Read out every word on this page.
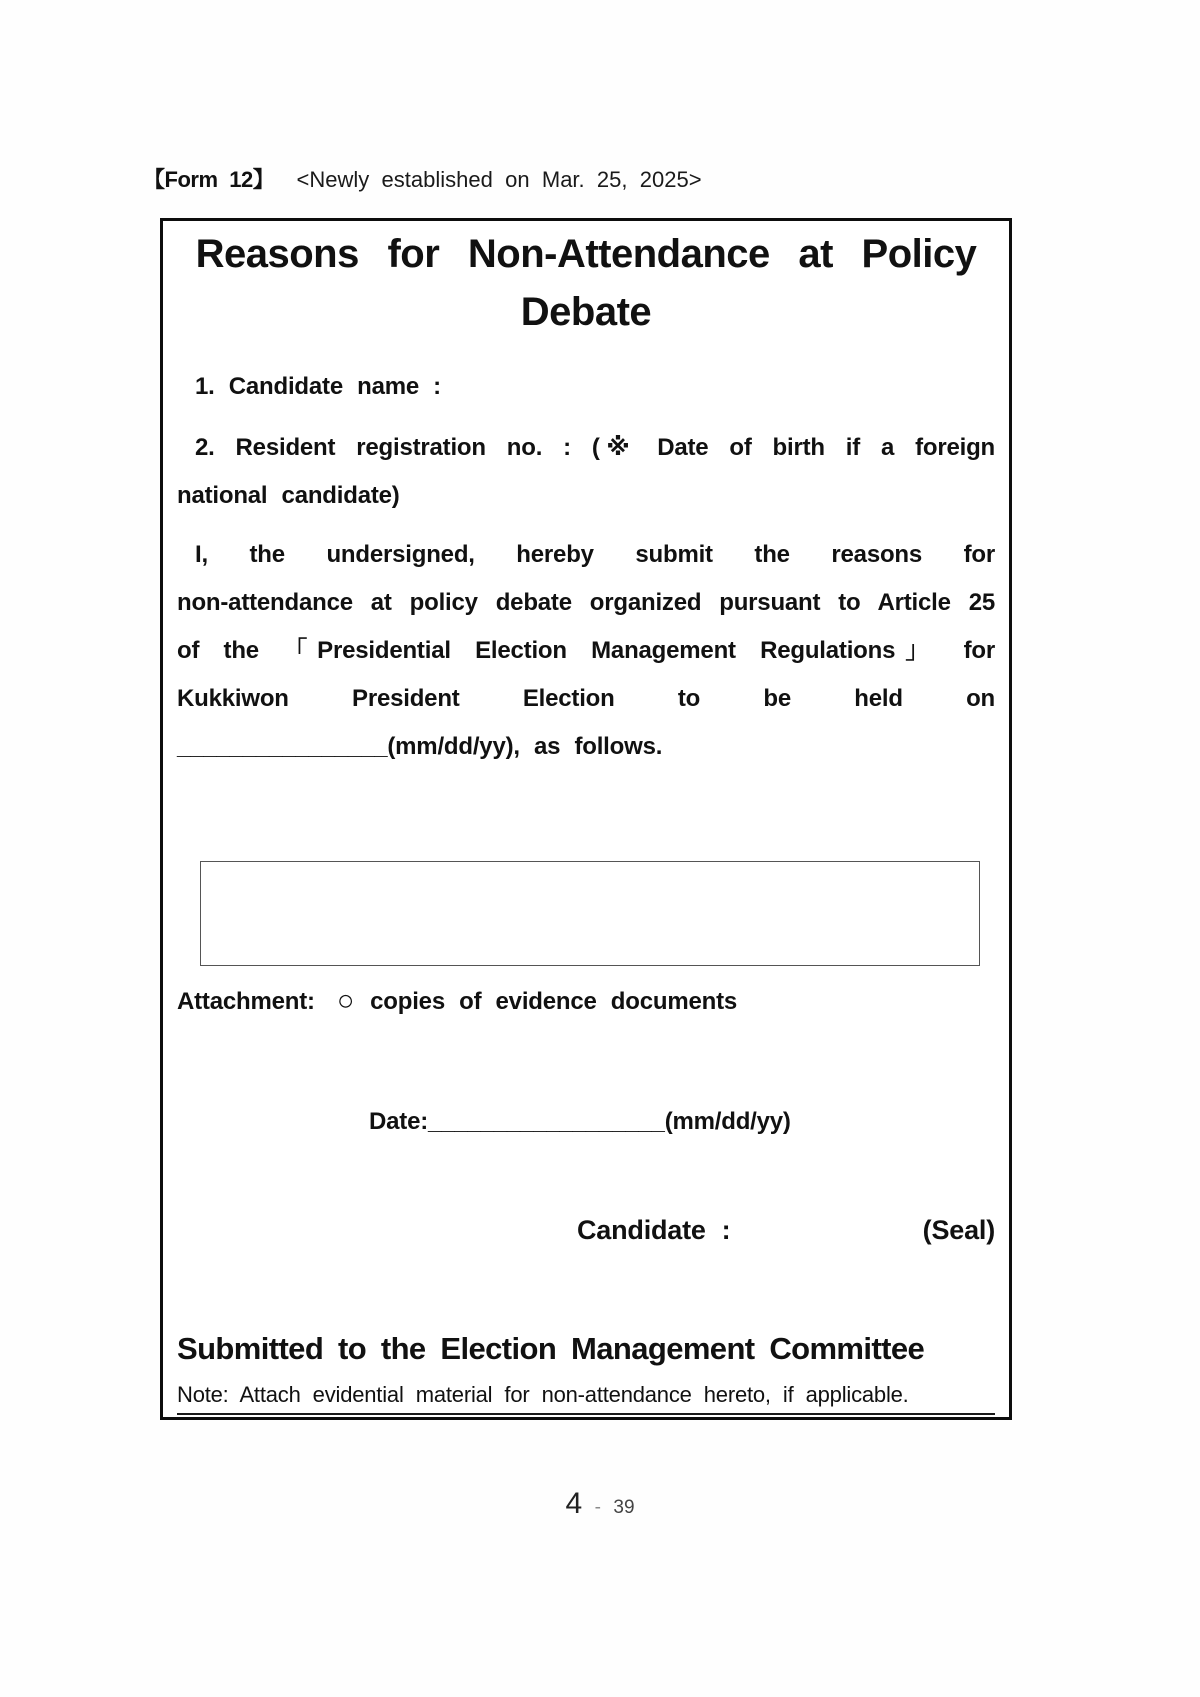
【Form 12】 <Newly established on Mar. 25, 2025>
Reasons for Non-Attendance at Policy
Debate
1. Candidate name :
2. Resident registration no. : (※ Date of birth if a foreign
national candidate)
I, the undersigned, hereby submit the reasons for
non-attendance at policy debate organized pursuant to Article 25
of the 「Presidential Election Management Regulations」 for
Kukkiwon President Election to be held on
________________(mm/dd/yy), as follows.
Attachment: ○ copies of evidence documents
Date:__________________(mm/dd/yy)
Candidate :	(Seal)
Submitted to the Election Management Committee
Note: Attach evidential material for non-attendance hereto, if applicable.
4 - 39
